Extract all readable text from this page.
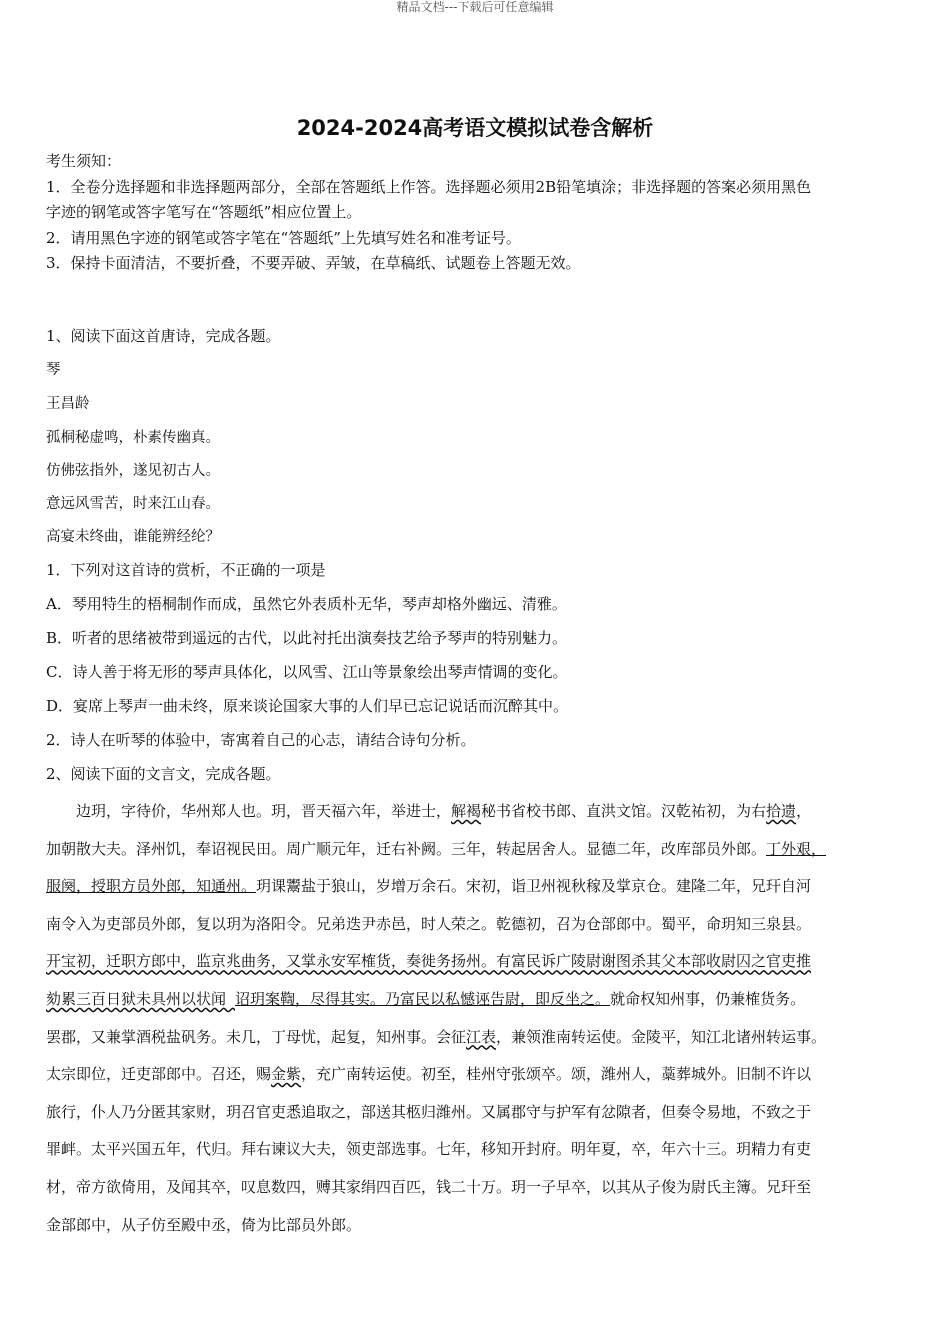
精品文档---下载后可任意编辑
2024-2024高考语文模拟试卷含解析

考生须知：

1．全卷分选择题和非选择题两部分，全部在答题纸上作答。选择题必须用2B铅笔填涂；非选择题的答案必须用黑色

字迹的钢笔或答字笔写在“答题纸”相应位置上。

2．请用黑色字迹的钢笔或答字笔在“答题纸”上先填写姓名和准考证号。

3．保持卡面清洁，不要折叠，不要弄破、弄皱，在草稿纸、试题卷上答题无效。

1、阅读下面这首唐诗，完成各题。

琴

王昌龄

孤桐秘虚鸣，朴素传幽真。

仿佛弦指外，遂见初古人。

意远风雪苦，时来江山春。

高宴未终曲，谁能辨经纶？

1．下列对这首诗的赏析，不正确的一项是

A．琴用特生的梧桐制作而成，虽然它外表质朴无华，琴声却格外幽远、清雅。

B．听者的思绪被带到遥远的古代，以此衬托出演奏技艺给予琴声的特别魅力。

C．诗人善于将无形的琴声具体化，以风雪、江山等景象绘出琴声情调的变化。

D．宴席上琴声一曲未终，原来谈论国家大事的人们早已忘记说话而沉醉其中。

2．诗人在听琴的体验中，寄寓着自己的心志，请结合诗句分析。

2、阅读下面的文言文，完成各题。

　　边玥，字待价，华州郑人也。玥，晋天福六年，举进士，解褐秘书省校书郎、直洪文馆。汉乾祐初，为右拾遗，
加朝散大夫。泽州饥，奉诏视民田。周广顺元年，迁右补阙。三年，转起居舍人。显德二年，改库部员外郎。丁外艰，
服阕，授职方员外郎，知通州。玥课鬻盐于狼山，岁增万余石。宋初，诣卫州视秋稼及掌京仓。建隆二年，兄玕自河
南令入为吏部员外郎，复以玥为洛阳令。兄弟迭尹赤邑，时人荣之。乾德初，召为仓部郎中。蜀平，命玥知三泉县。
开宝初，迁职方郎中，监京兆曲务，又掌永安军榷货，奏徙务扬州。有富民诉广陵尉谢图杀其父本部收尉囚之官吏推
劾累三百日狱未具州以状闻 诏玥案鞫，尽得其实。乃富民以私憾诬告尉，即反坐之。就命权知州事，仍兼榷货务。
罢郡，又兼掌酒税盐矾务。未几，丁母忧，起复，知州事。会征江表，兼领淮南转运使。金陵平，知江北诸州转运事。
太宗即位，迁吏部郎中。召还，赐金紫，充广南转运使。初至，桂州守张颂卒。颂，潍州人，藁葬城外。旧制不许以
旅行，仆人乃分匿其家财，玥召官吏悉追取之，部送其柩归潍州。又属郡守与护军有忿隙者，但奏令易地，不致之于
罪衅。太平兴国五年，代归。拜右谏议大夫，领吏部选事。七年，移知开封府。明年夏，卒，年六十三。玥精力有吏
材，帝方欲倚用，及闻其卒，叹息数四，赙其家绢四百匹，钱二十万。玥一子早卒，以其从子俊为尉氏主簿。兄玕至
金部郎中，从子仿至殿中丞，倚为比部员外郎。
